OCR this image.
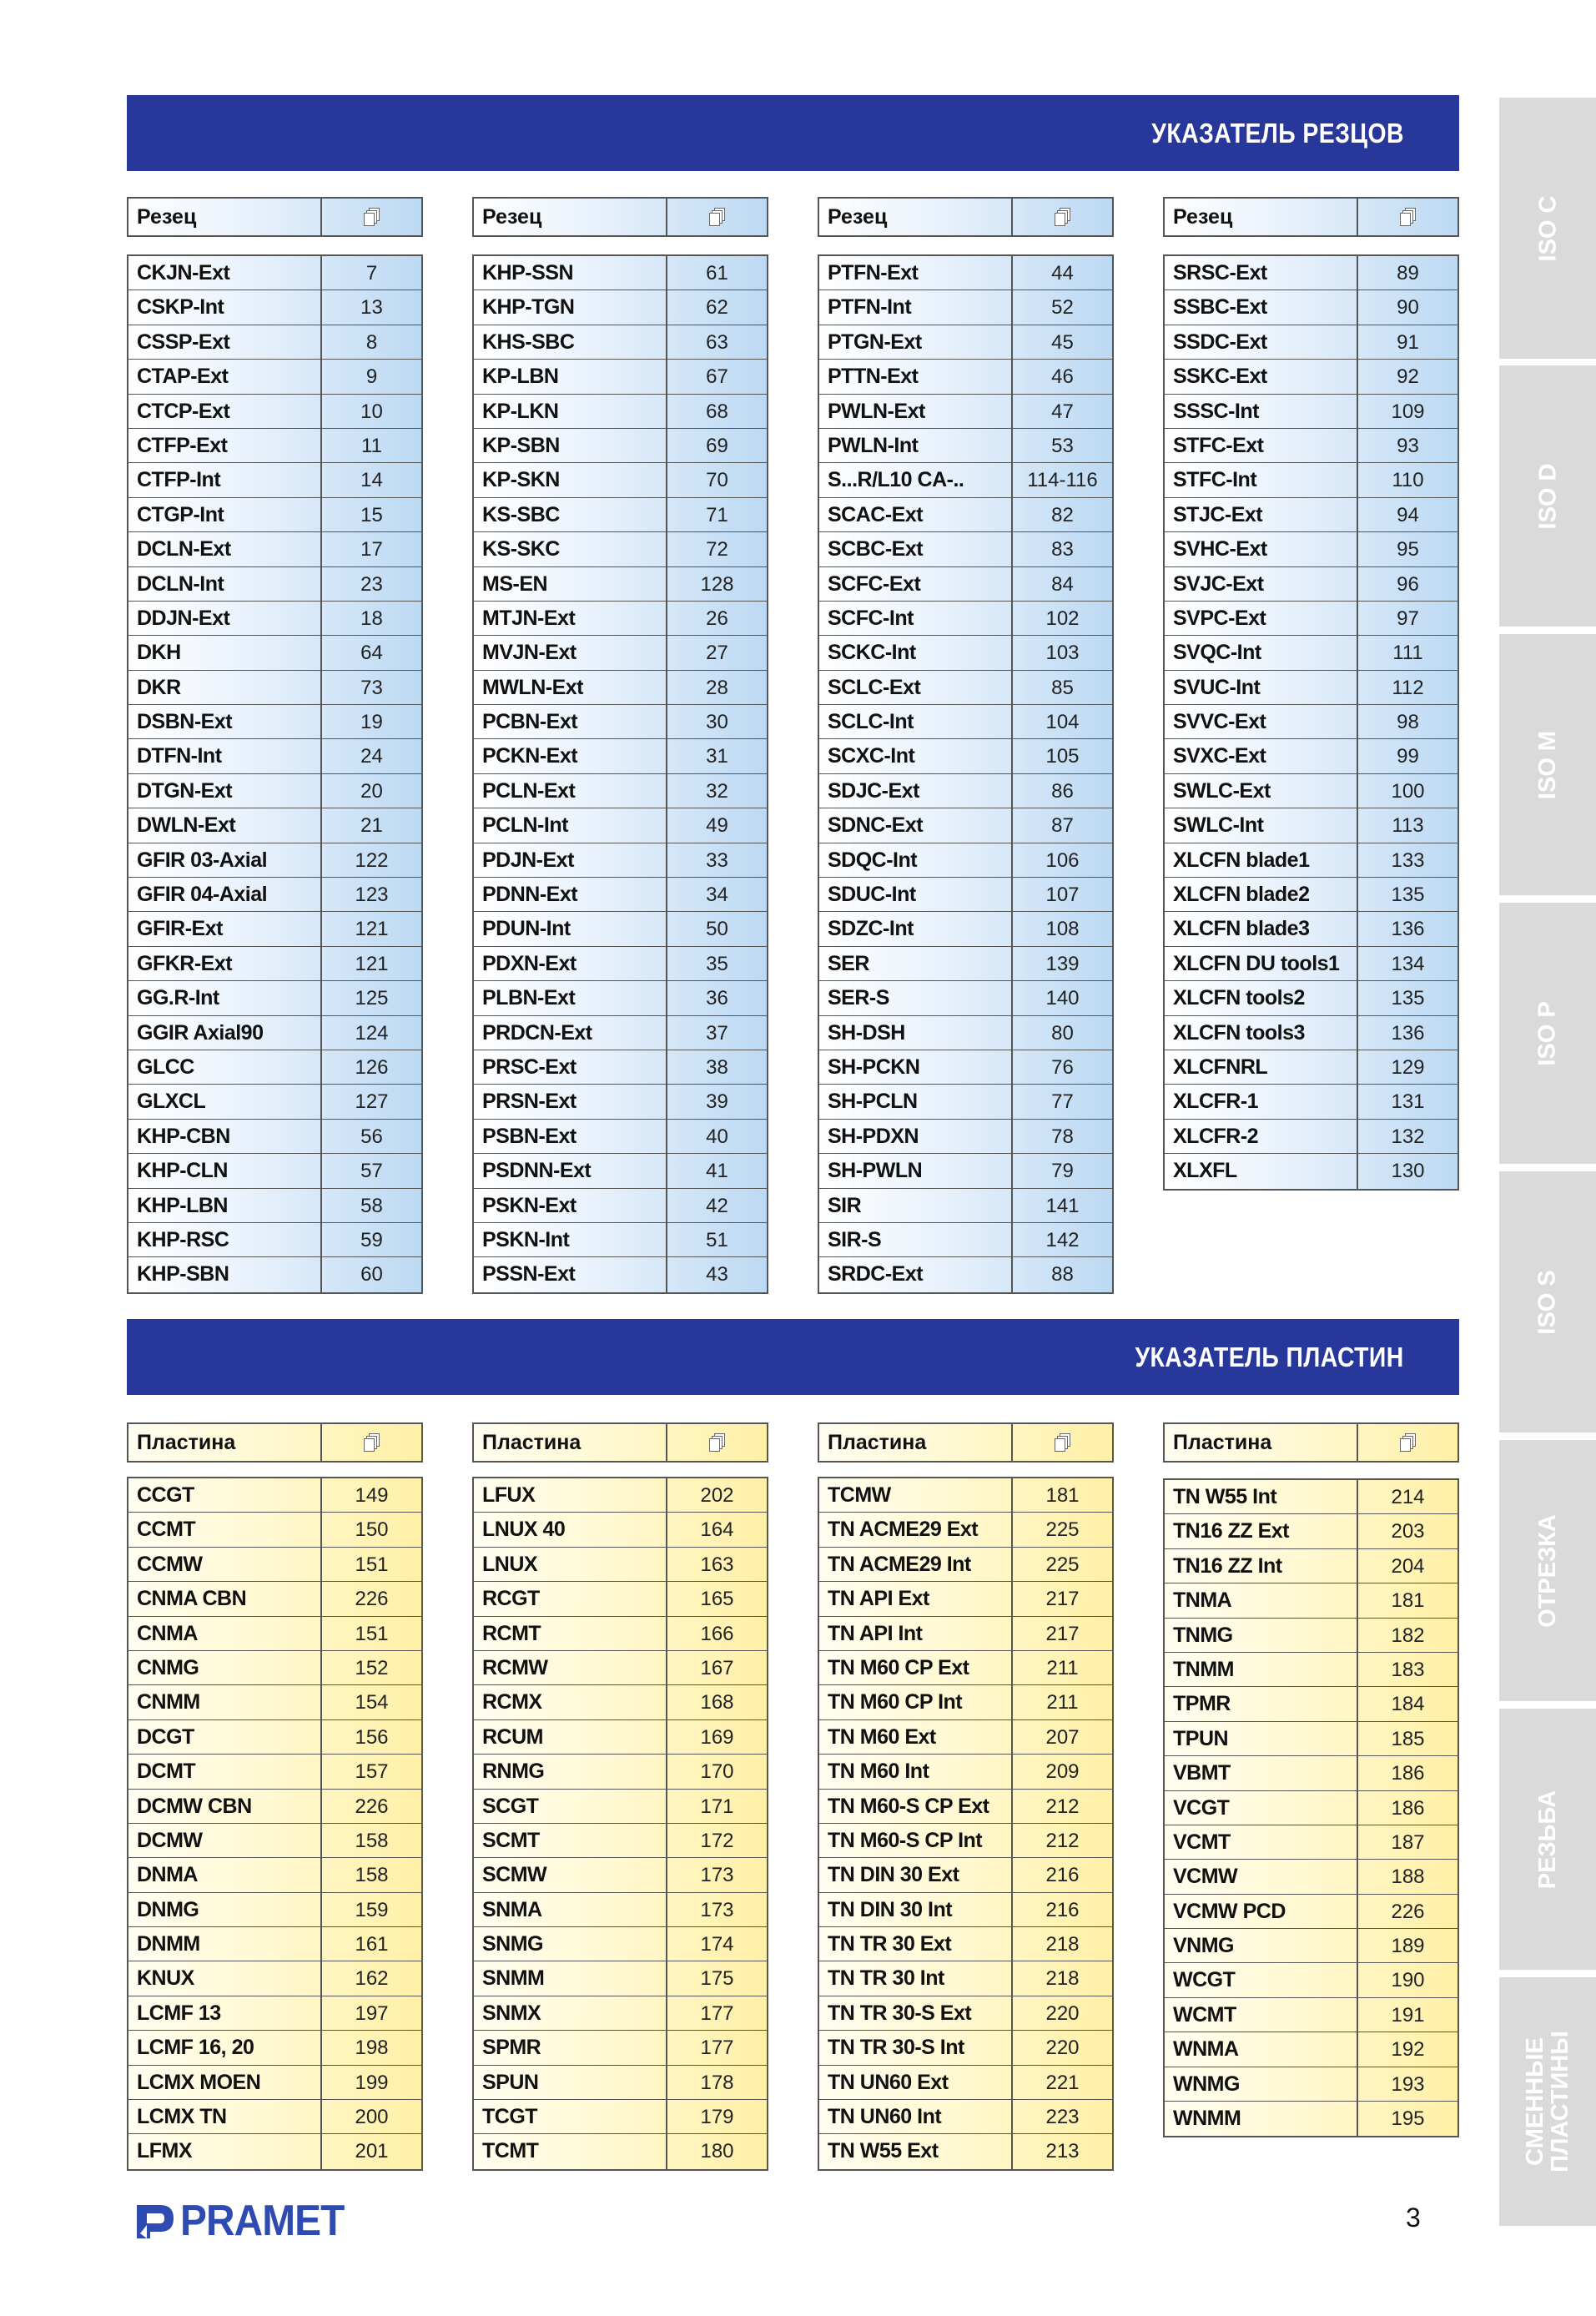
УКАЗАТЕЛЬ РЕЗЦОВ
УКАЗАТЕЛЬ ПЛАСТИН
Резец
CKJN-Ext	7
CSKP-Int	13
CSSP-Ext	8
CTAP-Ext	9
CTCP-Ext	10
CTFP-Ext	11
CTFP-Int	14
CTGP-Int	15
DCLN-Ext	17
DCLN-Int	23
DDJN-Ext	18
DKH	64
DKR	73
DSBN-Ext	19
DTFN-Int	24
DTGN-Ext	20
DWLN-Ext	21
GFIR 03-Axial	122
GFIR 04-Axial	123
GFIR-Ext	121
GFKR-Ext	121
GG.R-Int	125
GGIR Axial90	124
GLCC	126
GLXCL	127
KHP-CBN	56
KHP-CLN	57
KHP-LBN	58
KHP-RSC	59
KHP-SBN	60
Резец
KHP-SSN	61
KHP-TGN	62
KHS-SBC	63
KP-LBN	67
KP-LKN	68
KP-SBN	69
KP-SKN	70
KS-SBC	71
KS-SKC	72
MS-EN	128
MTJN-Ext	26
MVJN-Ext	27
MWLN-Ext	28
PCBN-Ext	30
PCKN-Ext	31
PCLN-Ext	32
PCLN-Int	49
PDJN-Ext	33
PDNN-Ext	34
PDUN-Int	50
PDXN-Ext	35
PLBN-Ext	36
PRDCN-Ext	37
PRSC-Ext	38
PRSN-Ext	39
PSBN-Ext	40
PSDNN-Ext	41
PSKN-Ext	42
PSKN-Int	51
PSSN-Ext	43
Резец
PTFN-Ext	44
PTFN-Int	52
PTGN-Ext	45
PTTN-Ext	46
PWLN-Ext	47
PWLN-Int	53
S...R/L10 CA-..	114-116
SCAC-Ext	82
SCBC-Ext	83
SCFC-Ext	84
SCFC-Int	102
SCKC-Int	103
SCLC-Ext	85
SCLC-Int	104
SCXC-Int	105
SDJC-Ext	86
SDNC-Ext	87
SDQC-Int	106
SDUC-Int	107
SDZC-Int	108
SER	139
SER-S	140
SH-DSH	80
SH-PCKN	76
SH-PCLN	77
SH-PDXN	78
SH-PWLN	79
SIR	141
SIR-S	142
SRDC-Ext	88
Резец
SRSC-Ext	89
SSBC-Ext	90
SSDC-Ext	91
SSKC-Ext	92
SSSC-Int	109
STFC-Ext	93
STFC-Int	110
STJC-Ext	94
SVHC-Ext	95
SVJC-Ext	96
SVPC-Ext	97
SVQC-Int	111
SVUC-Int	112
SVVC-Ext	98
SVXC-Ext	99
SWLC-Ext	100
SWLC-Int	113
XLCFN blade1	133
XLCFN blade2	135
XLCFN blade3	136
XLCFN DU tools1	134
XLCFN tools2	135
XLCFN tools3	136
XLCFNRL	129
XLCFR-1	131
XLCFR-2	132
XLXFL	130
Пластина
CCGT	149
CCMT	150
CCMW	151
CNMA CBN	226
CNMA	151
CNMG	152
CNMM	154
DCGT	156
DCMT	157
DCMW CBN	226
DCMW	158
DNMA	158
DNMG	159
DNMM	161
KNUX	162
LCMF 13	197
LCMF 16, 20	198
LCMX MOEN	199
LCMX TN	200
LFMX	201
Пластина
LFUX	202
LNUX 40	164
LNUX	163
RCGT	165
RCMT	166
RCMW	167
RCMX	168
RCUM	169
RNMG	170
SCGT	171
SCMT	172
SCMW	173
SNMA	173
SNMG	174
SNMM	175
SNMX	177
SPMR	177
SPUN	178
TCGT	179
TCMT	180
Пластина
TCMW	181
TN ACME29 Ext	225
TN ACME29 Int	225
TN API Ext	217
TN API Int	217
TN M60 CP Ext	211
TN M60 CP Int	211
TN M60 Ext	207
TN M60 Int	209
TN M60-S CP Ext	212
TN M60-S CP Int	212
TN DIN 30 Ext	216
TN DIN 30 Int	216
TN TR 30 Ext	218
TN TR 30 Int	218
TN TR 30-S Ext	220
TN TR 30-S Int	220
TN UN60 Ext	221
TN UN60 Int	223
TN W55 Ext	213
Пластина
TN W55 Int	214
TN16 ZZ Ext	203
TN16 ZZ Int	204
TNMA	181
TNMG	182
TNMM	183
TPMR	184
TPUN	185
VBMT	186
VCGT	186
VCMT	187
VCMW	188
VCMW PCD	226
VNMG	189
WCGT	190
WCMT	191
WNMA	192
WNMG	193
WNMM	195
ISO C
ISO D
ISO M
ISO P
ISO S
ОТРЕЗКА
РЕЗЬБА
СМЕННЫЕ ПЛАСТИНЫ
PRAMET	3
